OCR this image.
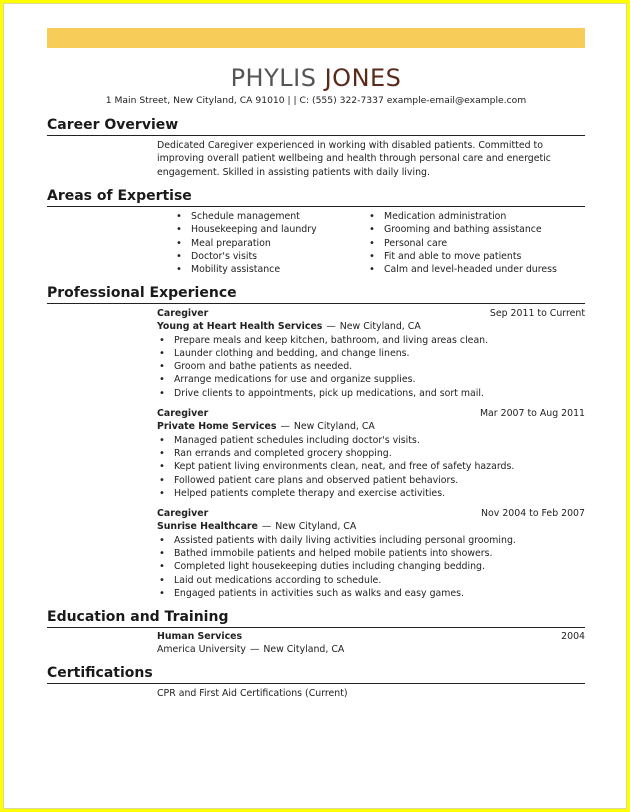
PHYLIS JONES
1 Main Street, New Cityland, CA 91010 | | C: (555) 322-7337 example-email@example.com
Career Overview
Dedicated Caregiver experienced in working with disabled patients. Committed to improving overall patient wellbeing and health through personal care and energetic engagement. Skilled in assisting patients with daily living.
Areas of Expertise
• Schedule management
• Housekeeping and laundry
• Meal preparation
• Doctor's visits
• Mobility assistance
• Medication administration
• Grooming and bathing assistance
• Personal care
• Fit and able to move patients
• Calm and level-headed under duress
Professional Experience
Caregiver	Sep 2011 to Current
Young at Heart Health Services — New Cityland, CA
• Prepare meals and keep kitchen, bathroom, and living areas clean.
• Launder clothing and bedding, and change linens.
• Groom and bathe patients as needed.
• Arrange medications for use and organize supplies.
• Drive clients to appointments, pick up medications, and sort mail.
Caregiver	Mar 2007 to Aug 2011
Private Home Services — New Cityland, CA
• Managed patient schedules including doctor's visits.
• Ran errands and completed grocery shopping.
• Kept patient living environments clean, neat, and free of safety hazards.
• Followed patient care plans and observed patient behaviors.
• Helped patients complete therapy and exercise activities.
Caregiver	Nov 2004 to Feb 2007
Sunrise Healthcare — New Cityland, CA
• Assisted patients with daily living activities including personal grooming.
• Bathed immobile patients and helped mobile patients into showers.
• Completed light housekeeping duties including changing bedding.
• Laid out medications according to schedule.
• Engaged patients in activities such as walks and easy games.
Education and Training
Human Services	2004
America University — New Cityland, CA
Certifications
CPR and First Aid Certifications (Current)
